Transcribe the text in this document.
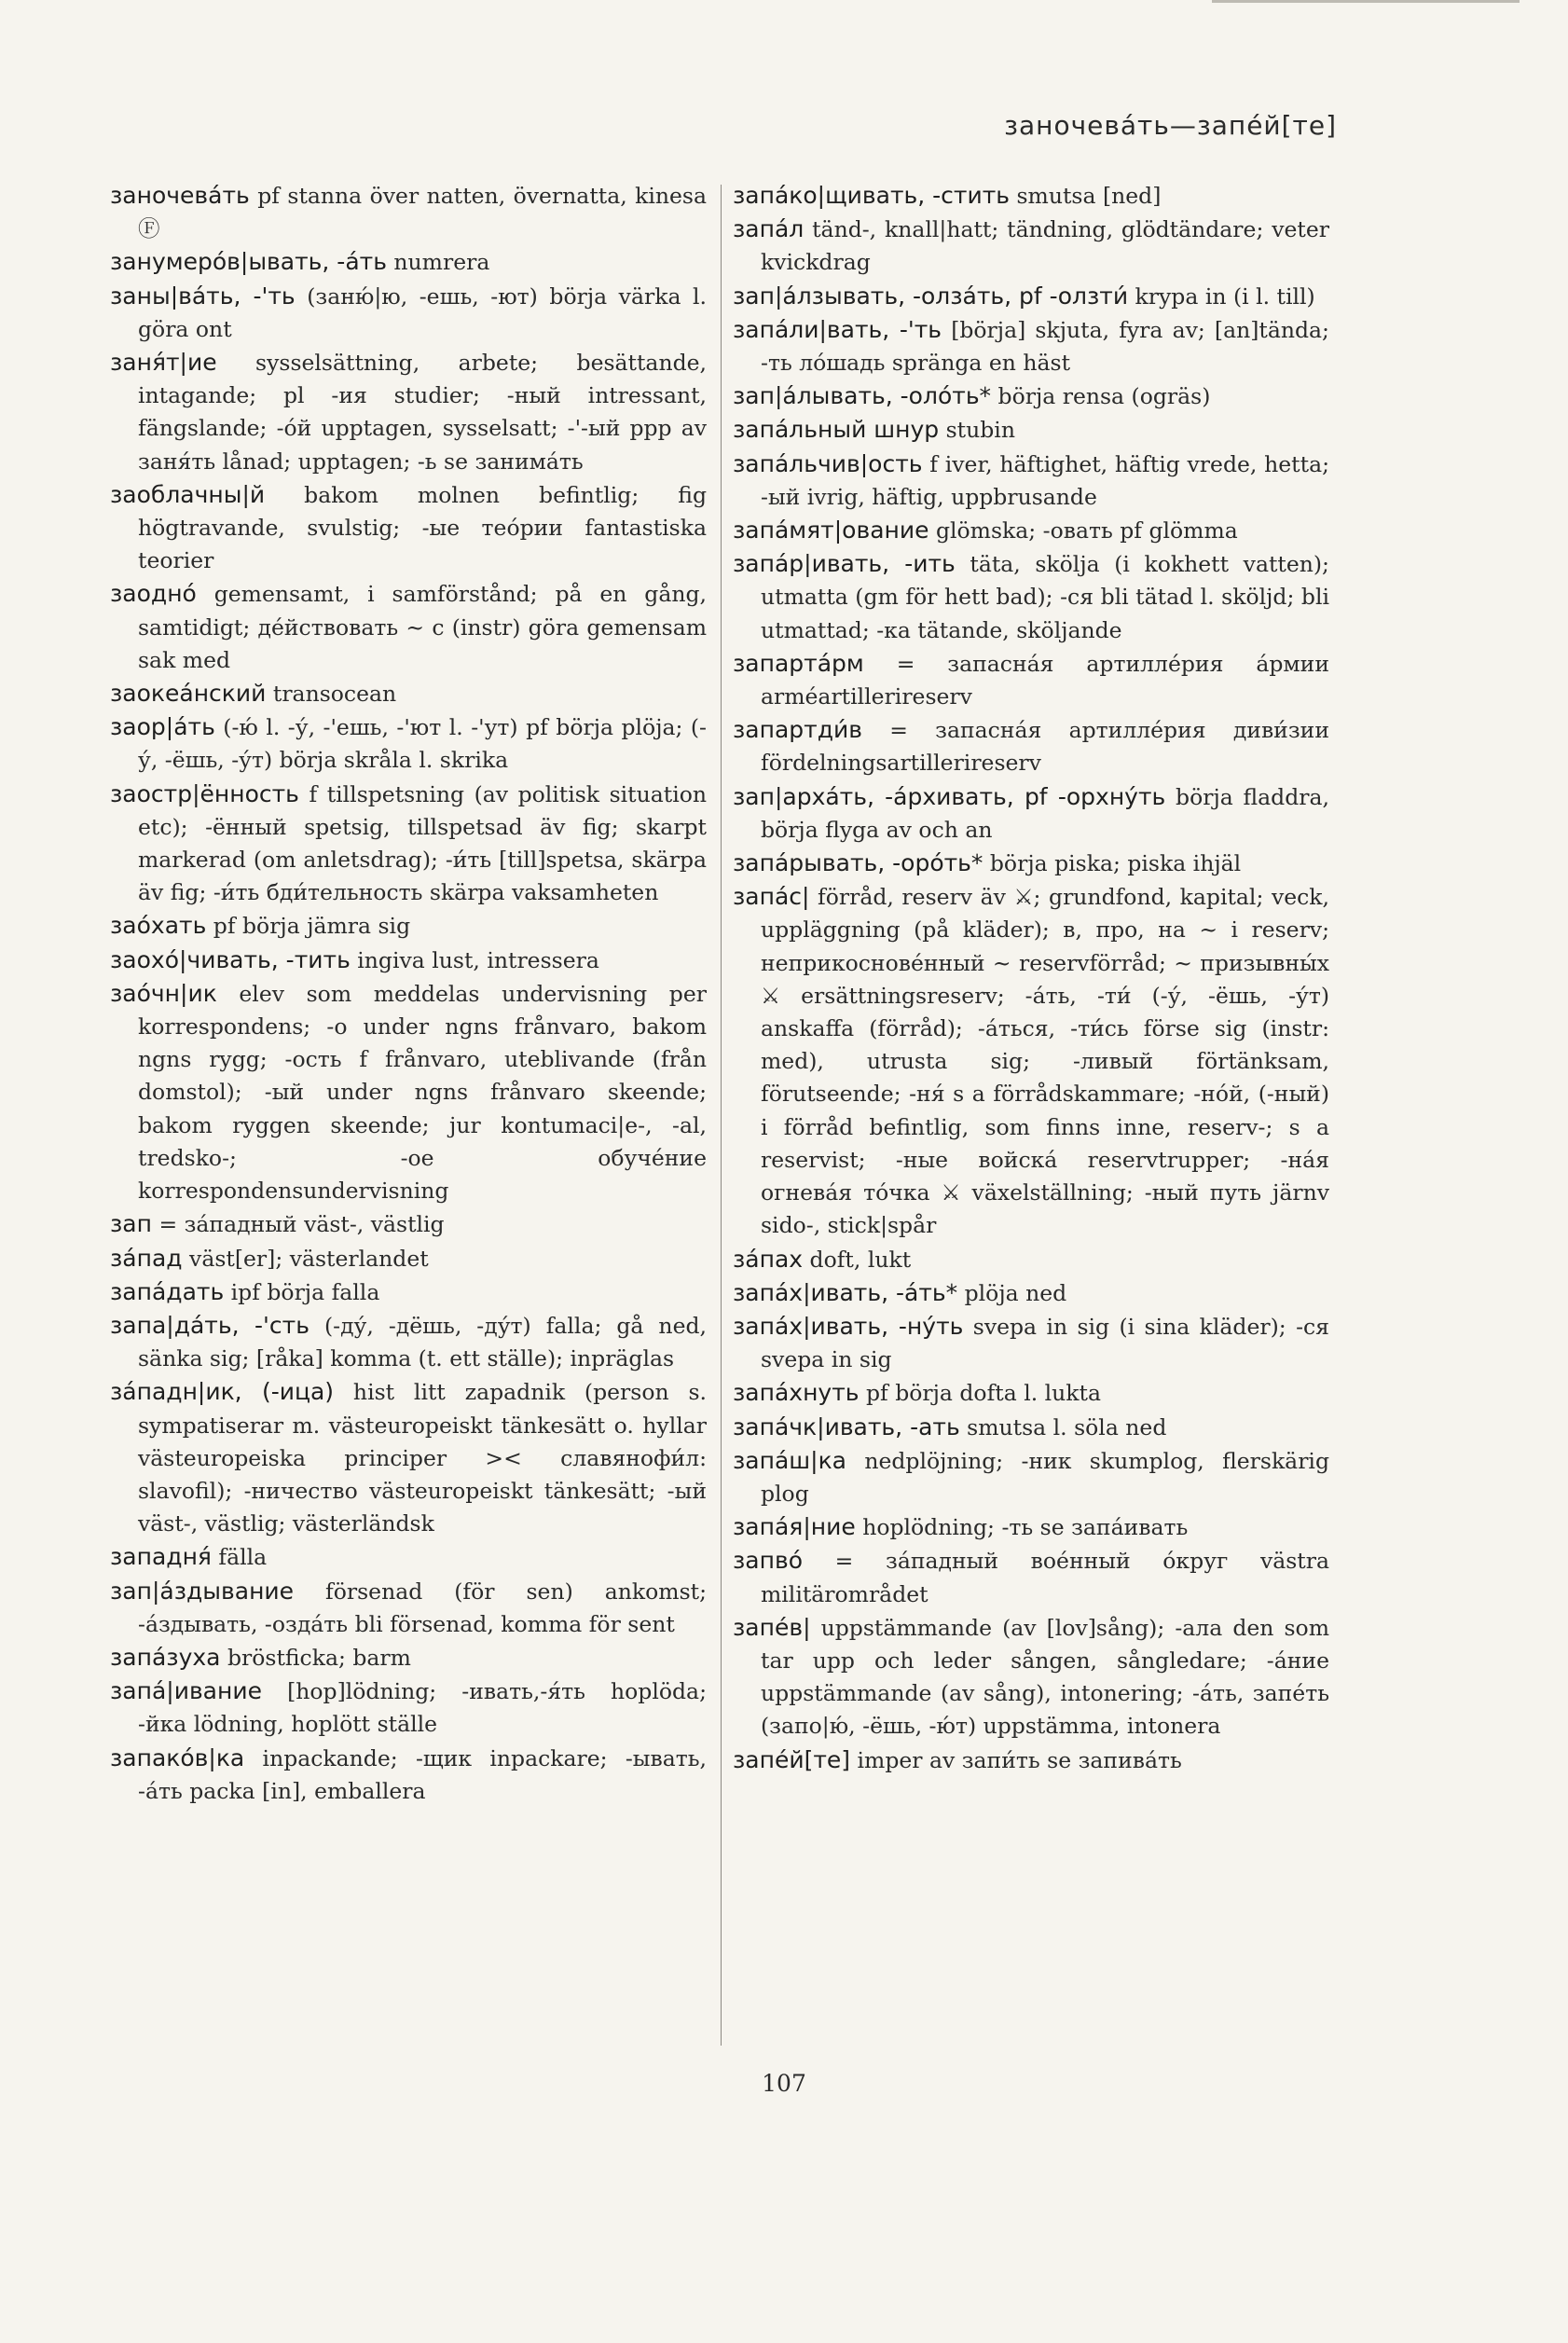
заночева́ть—запе́й[те]

заночева́ть pf stanna över natten, övernatta, kinesa Ⓕ

занумеро́в|ывать, -а́ть numrera

заны|ва́ть, -'ть (заню́|ю, -ешь, -ют) börja värka l. göra ont

заня́т|ие sysselsättning, arbete; besättande, intagande; pl -ия studier; -ный intressant, fängslande; -о́й upptagen, sysselsatt; -'-ый ppp av заня́ть lånad; upptagen; -ь se занима́ть

заоблачны|й bakom molnen befintlig; fig högtravande, svulstig; -ые тео́рии fantastiska teorier

заодно́ gemensamt, i samförstånd; på en gång, samtidigt; де́йствовать ~ с (instr) göra gemensam sak med

заокеа́нский transocean

заор|а́ть (-ю́ l. -у́, -'ешь, -'ют l. -'ут) pf börja plöja; (-у́, -ёшь, -у́т) börja skråla l. skrika

заостр|ённость f tillspetsning (av politisk situation etc); -ённый spetsig, tillspetsad äv fig; skarpt markerad (om anletsdrag); -и́ть [till]spetsa, skärpa äv fig; -и́ть бди́тельность skärpa vaksamheten

зао́хать pf börja jämra sig

заохо́|чивать, -тить ingiva lust, intressera

зао́чн|ик elev som meddelas undervisning per korrespondens; -о under ngns frånvaro, bakom ngns rygg; -ость f frånvaro, uteblivande (från domstol); -ый under ngns frånvaro skeende; bakom ryggen skeende; jur kontumaci|e-, -al, tredsko-; -ое обуче́ние korrespondensundervisning

зап = за́падный väst-, västlig

за́пад väst[er]; västerlandet

запа́дать ipf börja falla

запа|да́ть, -'сть (-ду́, -дёшь, -ду́т) falla; gå ned, sänka sig; [råka] komma (t. ett ställe); inpräglas

за́падн|ик, (-ица) hist litt zapadnik (person s. sympatiserar m. västeuropeiskt tänkesätt o. hyllar västeuropeiska principer >< славянофи́л: slavofil); -ничество västeuropeiskt tänkesätt; -ый väst-, västlig; västerländsk

западня́ fälla

зап|а́здывание försenad (för sen) ankomst; -а́здывать, -озда́ть bli försenad, komma för sent

запа́зуха bröstficka; barm

запа́|ивание [hop]lödning; -ивать,-я́ть hoplöda; -йка lödning, hoplött ställe

запако́в|ка inpackande; -щик inpackare; -ывать, -а́ть packa [in], emballera

запа́ко|щивать, -стить smutsa [ned]

запа́л tänd-, knall|hatt; tändning, glödtändare; veter kvickdrag

зап|а́лзывать, -олза́ть, pf -олзти́ krypa in (i l. till)

запа́ли|вать, -'ть [börja] skjuta, fyra av; [an]tända; -ть ло́шадь spränga en häst

зап|а́лывать, -оло́ть* börja rensa (ogräs)

запа́льный шнур stubin

запа́льчив|ость f iver, häftighet, häftig vrede, hetta; -ый ivrig, häftig, uppbrusande

запа́мят|ование glömska; -овать pf glömma

запа́р|ивать, -ить täta, skölja (i kokhett vatten); utmatta (gm för hett bad); -ся bli tätad l. sköljd; bli utmattad; -ка tätande, sköljande

запарта́рм = запасна́я артилле́рия а́рмии arméartillerireserv

запартди́в = запасна́я артилле́рия диви́зии fördelningsartillerireserv

зап|арха́ть, -а́рхивать, pf -орхну́ть börja fladdra, börja flyga av och an

запа́рывать, -оро́ть* börja piska; piska ihjäl

запа́с| förråd, reserv äv ⚔; grundfond, kapital; veck, uppläggning (på kläder); в, про, на ~ i reserv; неприкоснове́нный ~ reservförråd; ~ призывны́х ⚔ ersättningsreserv; -а́ть, -ти́ (-у́, -ёшь, -у́т) anskaffa (förråd); -а́ться, -ти́сь förse sig (instr: med), utrusta sig; -ливый förtänksam, förutseende; -ня́ s a förrådskammare; -но́й, (-ный) i förråd befintlig, som finns inne, reserv-; s a reservist; -ные войска́ reservtrupper; -на́я огнева́я то́чка ⚔ växelställning; -ный путь järnv sido-, stick|spår

за́пах doft, lukt

запа́х|ивать, -а́ть* plöja ned

запа́х|ивать, -ну́ть svepa in sig (i sina kläder); -ся svepa in sig

запа́хнуть pf börja dofta l. lukta

запа́чк|ивать, -ать smutsa l. söla ned

запа́ш|ка nedplöjning; -ник skumplog, flerskärig plog

запа́я|ние hoplödning; -ть se запа́ивать

запво́ = за́падный вое́нный о́круг västra militärområdet

запе́в| uppstämmande (av [lov]sång); -ала den som tar upp och leder sången, sångledare; -а́ние uppstämmande (av sång), intonering; -а́ть, запе́ть (запо|ю́, -ёшь, -ю́т) uppstämma, intonera

запе́й[те] imper av запи́ть se запива́ть

107
